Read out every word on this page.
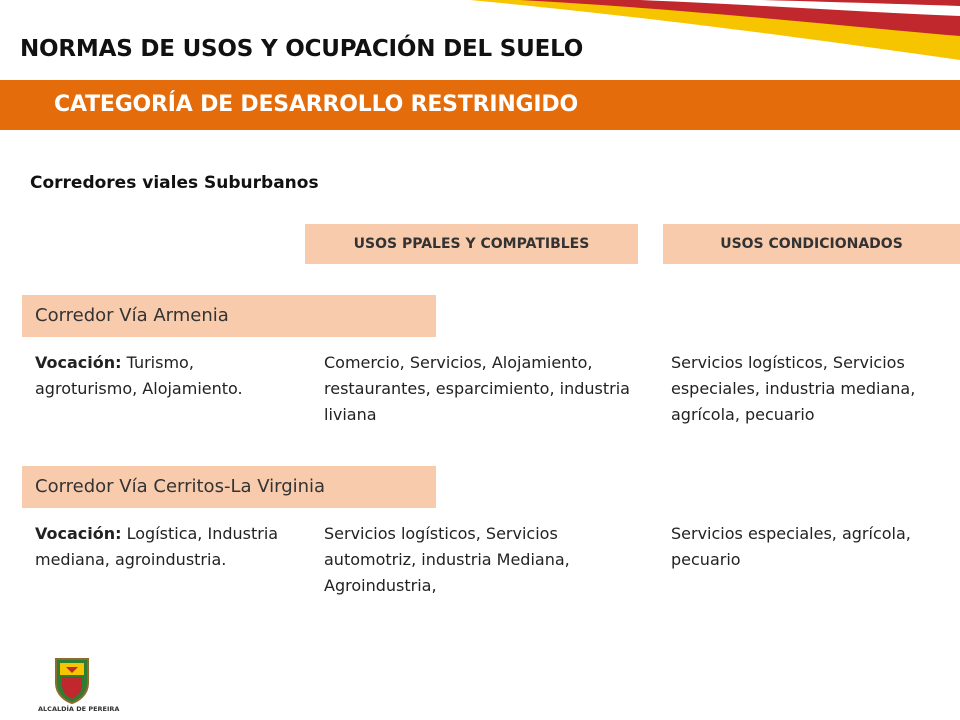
NORMAS DE USOS Y OCUPACIÓN DEL SUELO
CATEGORÍA DE DESARROLLO RESTRINGIDO
Corredores viales Suburbanos
USOS PPALES Y COMPATIBLES	USOS CONDICIONADOS
Corredor Vía Armenia
Vocación: Turismo, agroturismo, Alojamiento.
Comercio, Servicios, Alojamiento, restaurantes, esparcimiento, industria liviana
Servicios logísticos, Servicios especiales, industria mediana, agrícola, pecuario
Corredor Vía Cerritos-La Virginia
Vocación: Logística, Industria mediana, agroindustria.
Servicios logísticos, Servicios automotriz, industria Mediana, Agroindustria,
Servicios especiales, agrícola, pecuario
ALCALDÍA DE PEREIRA
